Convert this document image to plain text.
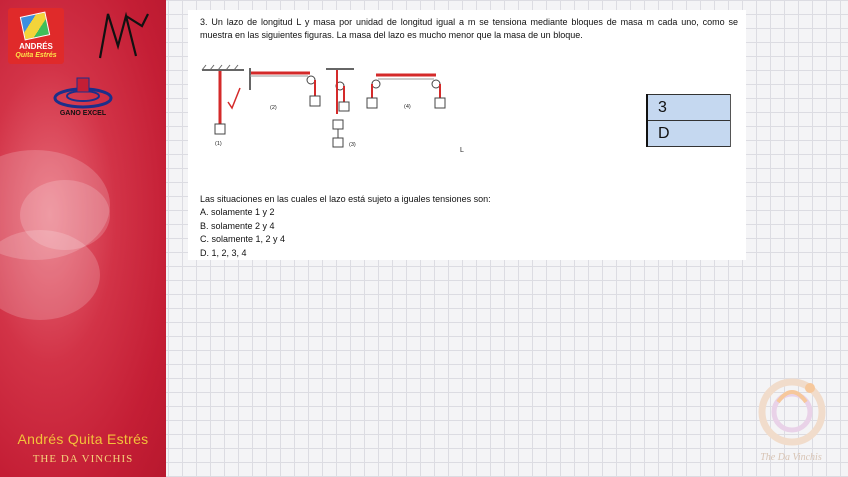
ANDRÉS
Quita Estrés
GANO EXCEL
Andrés Quita Estrés
THE DA VINCHIS

3. Un lazo de longitud L y masa por unidad de longitud igual a m se tensiona mediante bloques de masa m cada uno, como se muestra en las siguientes figuras. La masa del lazo es mucho menor que la masa de un bloque.

(1)
(2)
(3)
(4)
L

Las situaciones en las cuales el lazo está sujeto a iguales tensiones son:

A. solamente 1 y 2
B. solamente 2 y 4
C. solamente 1, 2 y 4
D. 1, 2, 3, 4
3
D
The Da Vinchis
